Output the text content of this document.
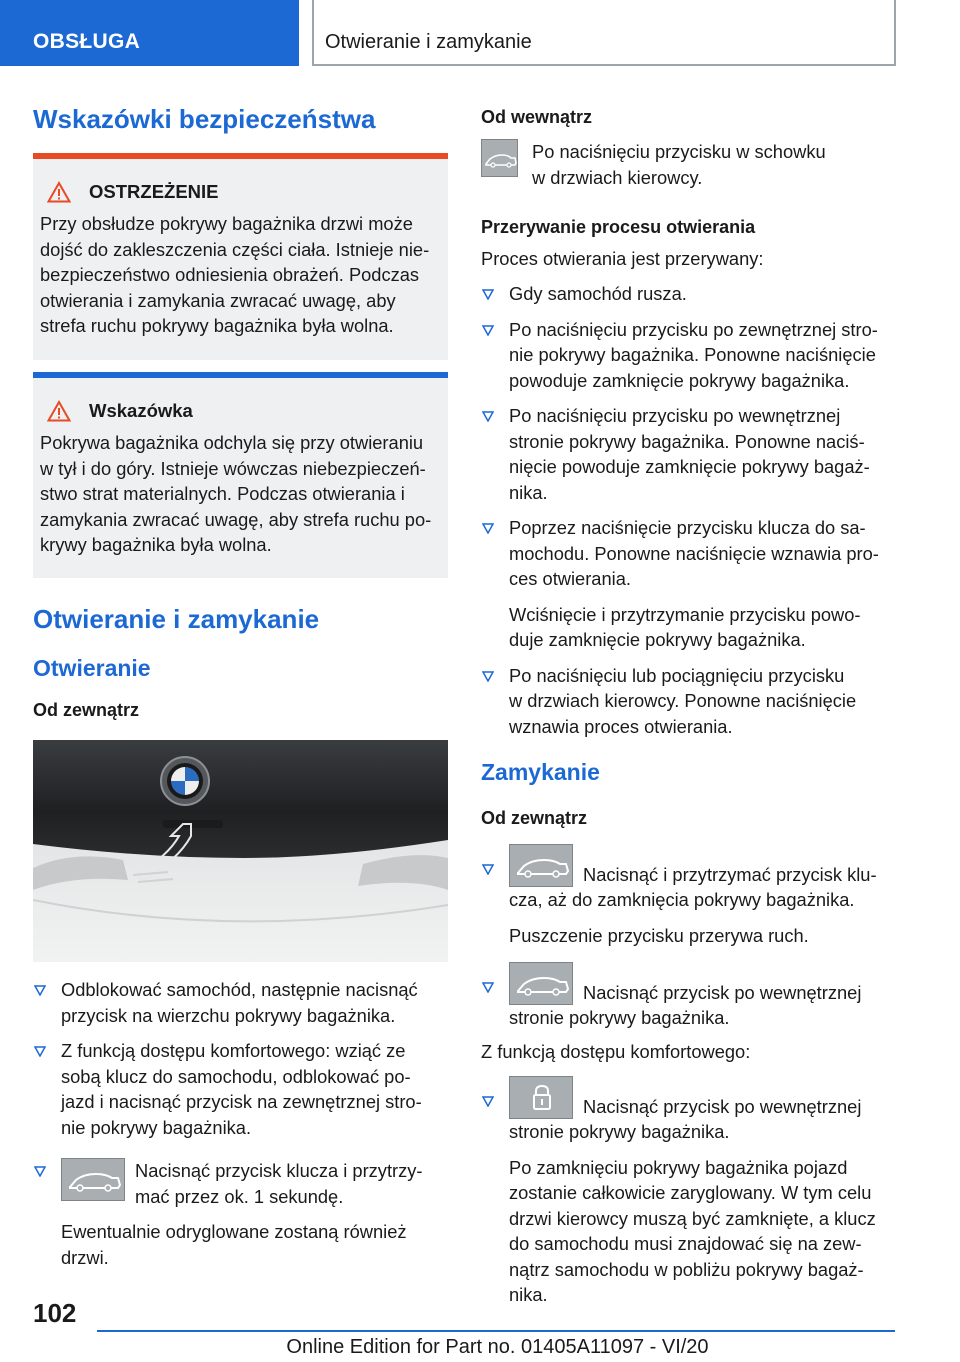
OBSŁUGA	Otwieranie i zamykanie
Wskazówki bezpieczeństwa
OSTRZEŻENIE

Przy obsłudze pokrywy bagażnika drzwi może
dojść do zakleszczenia części ciała. Istnieje nie-
bezpieczeństwo odniesienia obrażeń. Podczas
otwierania i zamykania zwracać uwagę, aby
strefa ruchu pokrywy bagażnika była wolna.

Wskazówka

Pokrywa bagażnika odchyla się przy otwieraniu
w tył i do góry. Istnieje wówczas niebezpieczeń-
stwo strat materialnych. Podczas otwierania i
zamykania zwracać uwagę, aby strefa ruchu po-
krywy bagażnika była wolna.

Otwieranie i zamykanie
Otwieranie
Od zewnątrz
Odblokować samochód, następnie nacisnąć
przycisk na wierzchu pokrywy bagażnika.
Z funkcją dostępu komfortowego: wziąć ze
sobą klucz do samochodu, odblokować po-
jazd i nacisnąć przycisk na zewnętrznej stro-
nie pokrywy bagażnika.
Nacisnąć przycisk klucza i przytrzy-
mać przez ok. 1 sekundę.
Ewentualnie odryglowane zostaną również
drzwi.
Od wewnątrz

Po naciśnięciu przycisku w schowku
w drzwiach kierowcy.

Przerywanie procesu otwierania

Proces otwierania jest przerywany:

Gdy samochód rusza.
Po naciśnięciu przycisku po zewnętrznej stro-
nie pokrywy bagażnika. Ponowne naciśnięcie
powoduje zamknięcie pokrywy bagażnika.
Po naciśnięciu przycisku po wewnętrznej
stronie pokrywy bagażnika. Ponowne naciś-
nięcie powoduje zamknięcie pokrywy bagaż-
nika.
Poprzez naciśnięcie przycisku klucza do sa-
mochodu. Ponowne naciśnięcie wznawia pro-
ces otwierania.
Wciśnięcie i przytrzymanie przycisku powo-
duje zamknięcie pokrywy bagażnika.
Po naciśnięciu lub pociągnięciu przycisku
w drzwiach kierowcy. Ponowne naciśnięcie
wznawia proces otwierania.
Zamykanie
Od zewnątrz
Nacisnąć i przytrzymać przycisk klu-
cza, aż do zamknięcia pokrywy bagażnika.
Puszczenie przycisku przerywa ruch.
Nacisnąć przycisk po wewnętrznej
stronie pokrywy bagażnika.

Z funkcją dostępu komfortowego:

Nacisnąć przycisk po wewnętrznej
stronie pokrywy bagażnika.
Po zamknięciu pokrywy bagażnika pojazd
zostanie całkowicie zaryglowany. W tym celu
drzwi kierowcy muszą być zamknięte, a klucz
do samochodu musi znajdować się na zew-
nątrz samochodu w pobliżu pokrywy bagaż-
nika.
102
Online Edition for Part no. 01405A11097 - VI/20
